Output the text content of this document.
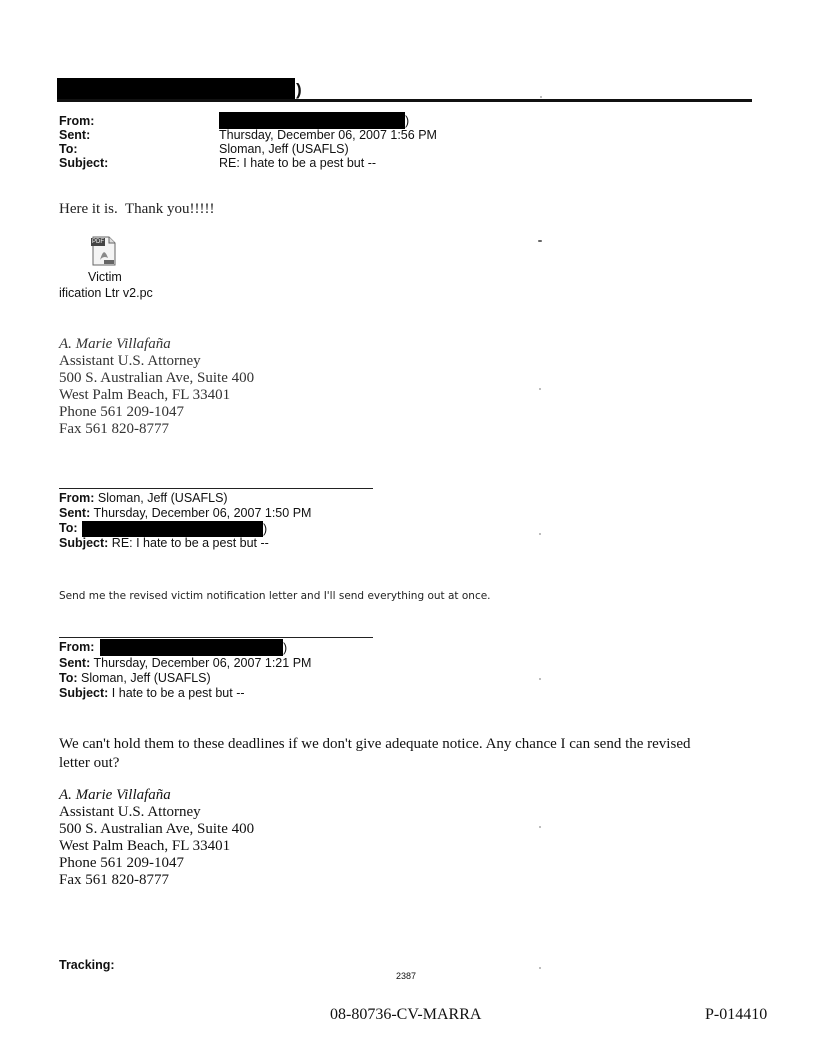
)
From:	)
Sent:	Thursday, December 06, 2007 1:56 PM
To:	Sloman, Jeff (USAFLS)
Subject:	RE: I hate to be a pest but --
Here it is.  Thank you!!!!!
PDF
Victim
ification Ltr v2.pc
A. Marie Villafaña
Assistant U.S. Attorney
500 S. Australian Ave, Suite 400
West Palm Beach, FL 33401
Phone 561 209-1047
Fax 561 820-8777
From: Sloman, Jeff (USAFLS)
Sent: Thursday, December 06, 2007 1:50 PM
To:	)
Subject: RE: I hate to be a pest but --
Send me the revised victim notification letter and I'll send everything out at once.
From:	)
Sent: Thursday, December 06, 2007 1:21 PM
To: Sloman, Jeff (USAFLS)
Subject: I hate to be a pest but --
We can't hold them to these deadlines if we don't give adequate notice. Any chance I can send the revised
letter out?
A. Marie Villafaña
Assistant U.S. Attorney
500 S. Australian Ave, Suite 400
West Palm Beach, FL 33401
Phone 561 209-1047
Fax 561 820-8777
Tracking:
2387
08-80736-CV-MARRA	P-014410
